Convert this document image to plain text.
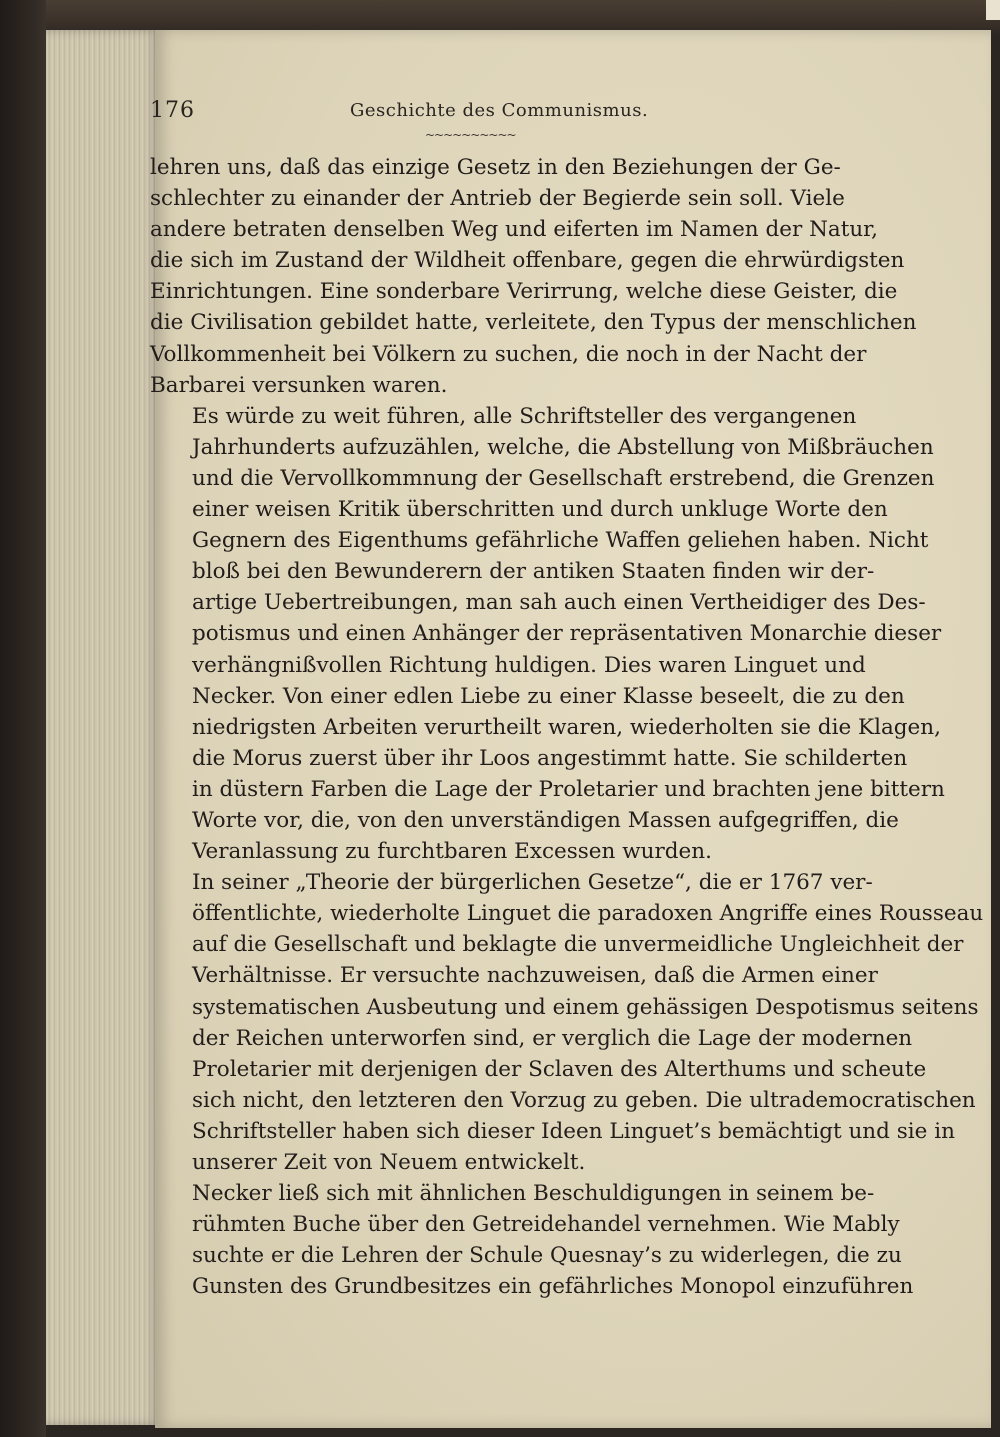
176	Geschichte des Communismus.
~~~~~~~~~~

lehren uns, daß das einzige Gesetz in den Beziehungen der Ge-
schlechter zu einander der Antrieb der Begierde sein soll. Viele
andere betraten denselben Weg und eiferten im Namen der Natur,
die sich im Zustand der Wildheit offenbare, gegen die ehrwürdigsten
Einrichtungen. Eine sonderbare Verirrung, welche diese Geister, die
die Civilisation gebildet hatte, verleitete, den Typus der menschlichen
Vollkommenheit bei Völkern zu suchen, die noch in der Nacht der
Barbarei versunken waren.

Es würde zu weit führen, alle Schriftsteller des vergangenen
Jahrhunderts aufzuzählen, welche, die Abstellung von Mißbräuchen
und die Vervollkommnung der Gesellschaft erstrebend, die Grenzen
einer weisen Kritik überschritten und durch unkluge Worte den
Gegnern des Eigenthums gefährliche Waffen geliehen haben. Nicht
bloß bei den Bewunderern der antiken Staaten finden wir der-
artige Uebertreibungen, man sah auch einen Vertheidiger des Des-
potismus und einen Anhänger der repräsentativen Monarchie dieser
verhängnißvollen Richtung huldigen. Dies waren Linguet und
Necker. Von einer edlen Liebe zu einer Klasse beseelt, die zu den
niedrigsten Arbeiten verurtheilt waren, wiederholten sie die Klagen,
die Morus zuerst über ihr Loos angestimmt hatte. Sie schilderten
in düstern Farben die Lage der Proletarier und brachten jene bittern
Worte vor, die, von den unverständigen Massen aufgegriffen, die
Veranlassung zu furchtbaren Excessen wurden.

In seiner „Theorie der bürgerlichen Gesetze“, die er 1767 ver-
öffentlichte, wiederholte Linguet die paradoxen Angriffe eines Rousseau
auf die Gesellschaft und beklagte die unvermeidliche Ungleichheit der
Verhältnisse. Er versuchte nachzuweisen, daß die Armen einer
systematischen Ausbeutung und einem gehässigen Despotismus seitens
der Reichen unterworfen sind, er verglich die Lage der modernen
Proletarier mit derjenigen der Sclaven des Alterthums und scheute
sich nicht, den letzteren den Vorzug zu geben. Die ultrademocratischen
Schriftsteller haben sich dieser Ideen Linguet’s bemächtigt und sie in
unserer Zeit von Neuem entwickelt.

Necker ließ sich mit ähnlichen Beschuldigungen in seinem be-
rühmten Buche über den Getreidehandel vernehmen. Wie Mably
suchte er die Lehren der Schule Quesnay’s zu widerlegen, die zu
Gunsten des Grundbesitzes ein gefährliches Monopol einzuführen
